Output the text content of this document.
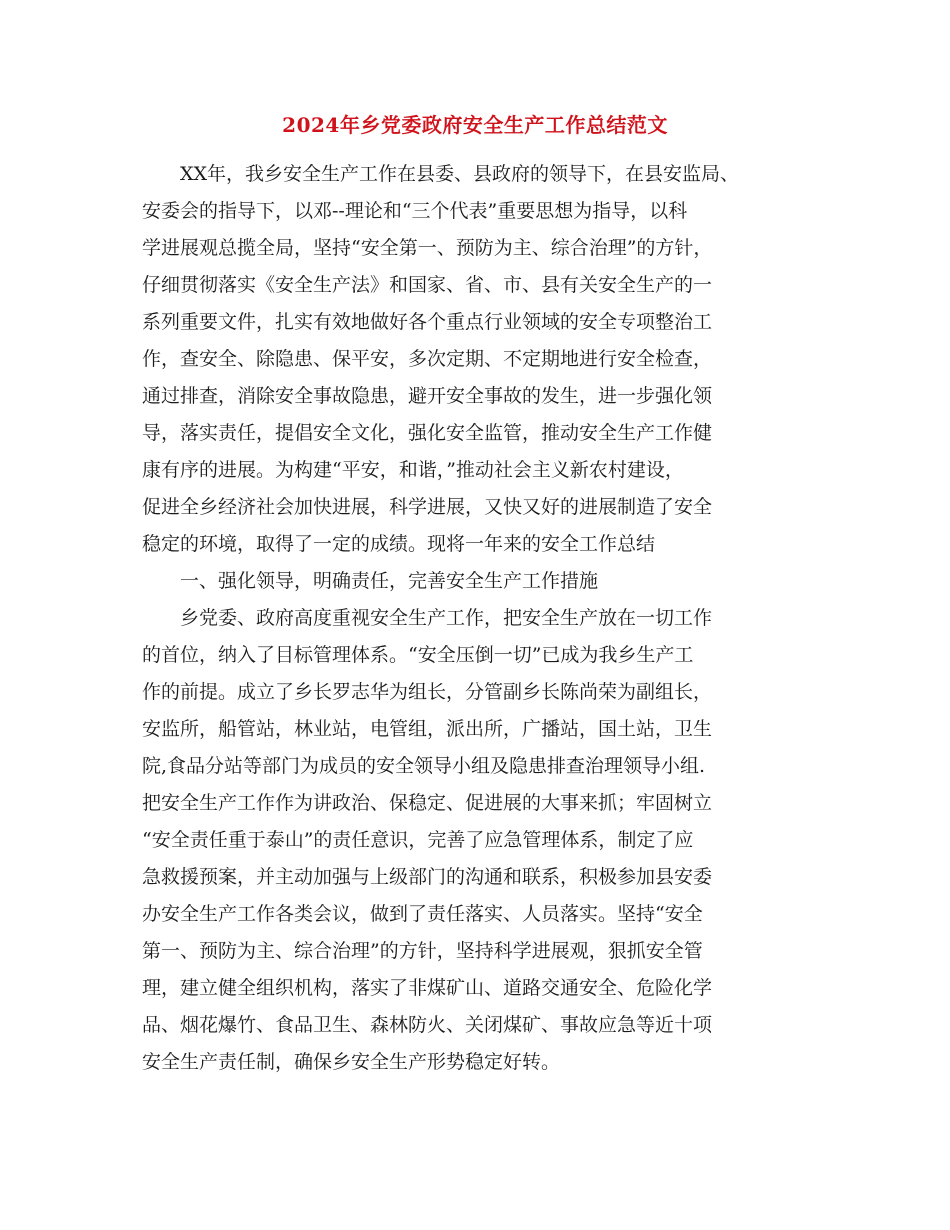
2024年乡党委政府安全生产工作总结范文
XX年，我乡安全生产工作在县委、县政府的领导下，在县安监局、
安委会的指导下，以邓--理论和“三个代表”重要思想为指导，以科
学进展观总揽全局，坚持“安全第一、预防为主、综合治理”的方针，
仔细贯彻落实《安全生产法》和国家、省、市、县有关安全生产的一
系列重要文件，扎实有效地做好各个重点行业领域的安全专项整治工
作，查安全、除隐患、保平安，多次定期、不定期地进行安全检查，
通过排查，消除安全事故隐患，避开安全事故的发生，进一步强化领
导，落实责任，提倡安全文化，强化安全监管，推动安全生产工作健
康有序的进展。为构建“平安，和谐，”推动社会主义新农村建设，
促进全乡经济社会加快进展，科学进展，又快又好的进展制造了安全
稳定的环境，取得了一定的成绩。现将一年来的安全工作总结
一、强化领导，明确责任，完善安全生产工作措施
乡党委、政府高度重视安全生产工作，把安全生产放在一切工作
的首位，纳入了目标管理体系。“安全压倒一切”已成为我乡生产工
作的前提。成立了乡长罗志华为组长，分管副乡长陈尚荣为副组长，
安监所，船管站，林业站，电管组，派出所，广播站，国土站，卫生
院,食品分站等部门为成员的安全领导小组及隐患排查治理领导小组.
把安全生产工作作为讲政治、保稳定、促进展的大事来抓；牢固树立
“安全责任重于泰山”的责任意识，完善了应急管理体系，制定了应
急救援预案，并主动加强与上级部门的沟通和联系，积极参加县安委
办安全生产工作各类会议，做到了责任落实、人员落实。坚持“安全
第一、预防为主、综合治理”的方针，坚持科学进展观，狠抓安全管
理，建立健全组织机构，落实了非煤矿山、道路交通安全、危险化学
品、烟花爆竹、食品卫生、森林防火、关闭煤矿、事故应急等近十项
安全生产责任制，确保乡安全生产形势稳定好转。
